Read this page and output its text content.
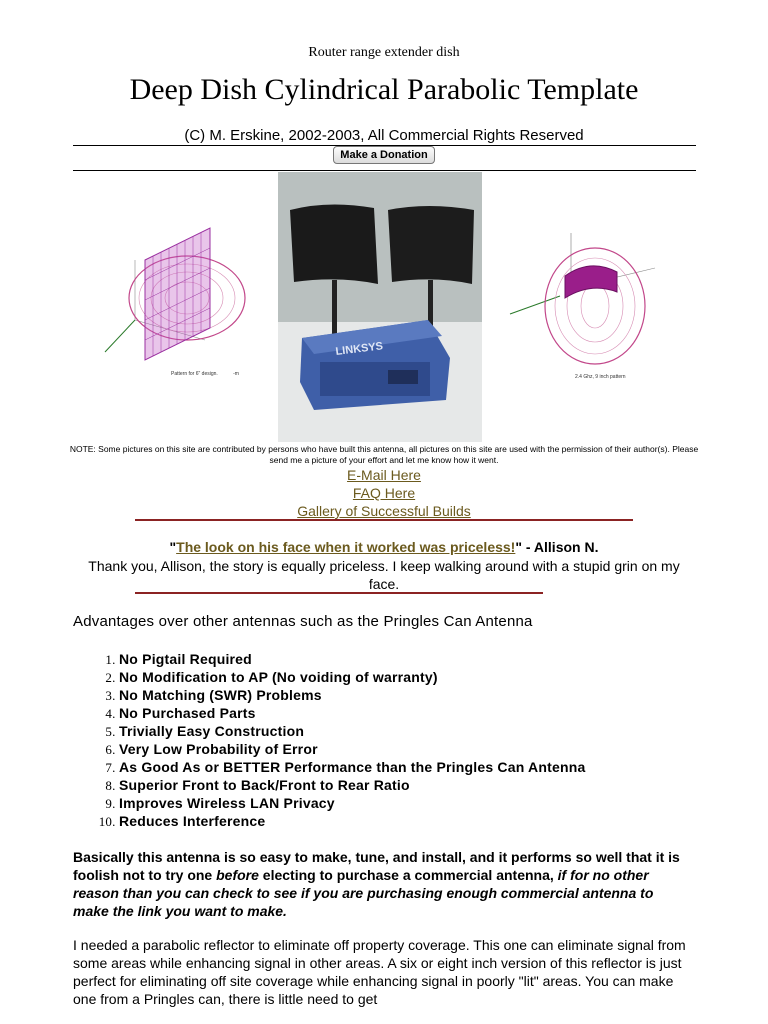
Router range extender dish
Deep Dish Cylindrical Parabolic Template
(C) M. Erskine, 2002-2003, All Commercial Rights Reserved
Make a Donation
Pattern for 6" design.	-m
LINKSYS
2.4 Ghz, 9 inch pattern
NOTE: Some pictures on this site are contributed by persons who have built this antenna, all pictures on this site are used with the permission of their author(s). Please send me a picture of your effort and let me know how it went.
E-Mail Here
FAQ Here
Gallery of Successful Builds
"The look on his face when it worked was priceless!" - Allison N.
Thank you, Allison, the story is equally priceless. I keep walking around with a stupid grin on my face.
Advantages over other antennas such as the Pringles Can Antenna
1. No Pigtail Required
2. No Modification to AP (No voiding of warranty)
3. No Matching (SWR) Problems
4. No Purchased Parts
5. Trivially Easy Construction
6. Very Low Probability of Error
7. As Good As or BETTER Performance than the Pringles Can Antenna
8. Superior Front to Back/Front to Rear Ratio
9. Improves Wireless LAN Privacy
10. Reduces Interference
Basically this antenna is so easy to make, tune, and install, and it performs so well that it is foolish not to try one before electing to purchase a commercial antenna, if for no other reason than you can check to see if you are purchasing enough commercial antenna to make the link you want to make.
I needed a parabolic reflector to eliminate off property coverage. This one can eliminate signal from some areas while enhancing signal in other areas. A six or eight inch version of this reflector is just perfect for eliminating off site coverage while enhancing signal in poorly "lit" areas. You can make one from a Pringles can, there is little need to get
